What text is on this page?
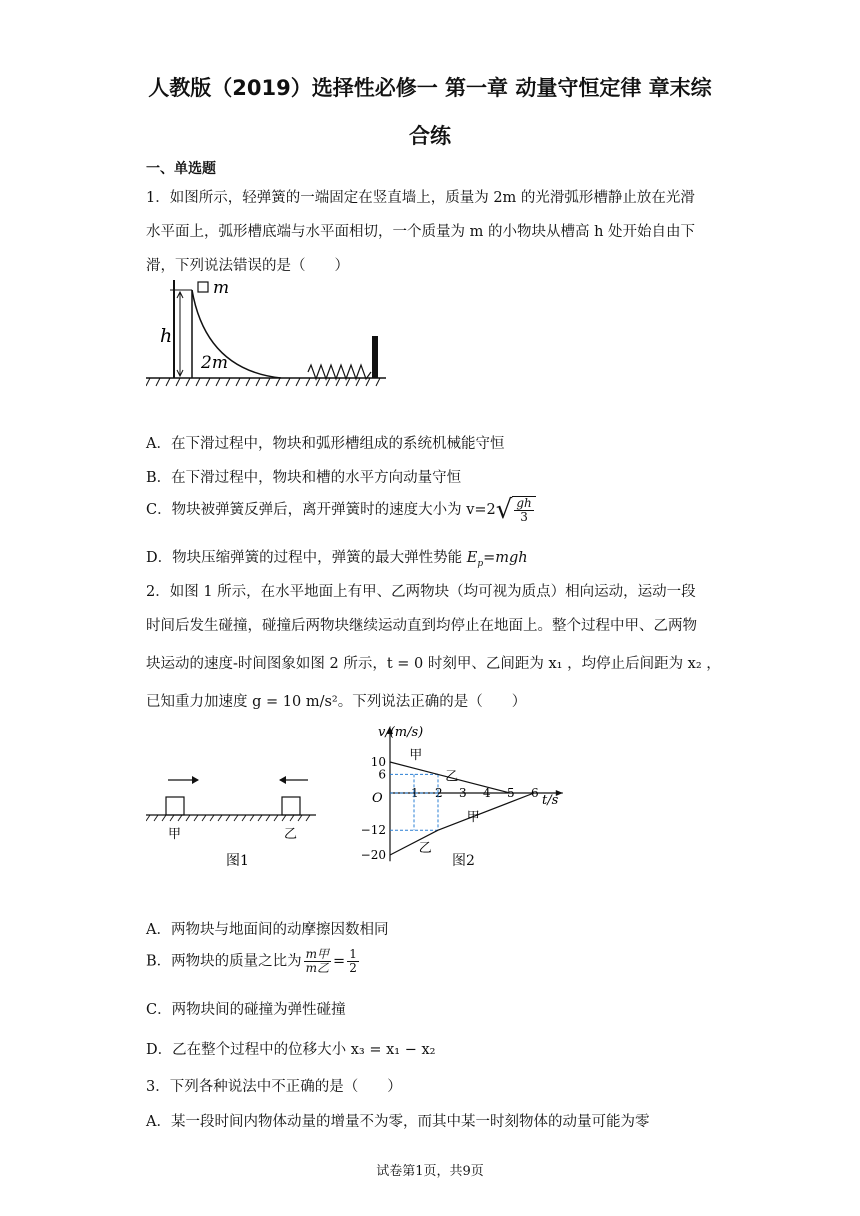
人教版（2019）选择性必修一 第一章 动量守恒定律 章末综
合练
一、单选题
1．如图所示，轻弹簧的一端固定在竖直墙上，质量为 2m 的光滑弧形槽静止放在光滑
水平面上，弧形槽底端与水平面相切，一个质量为 m 的小物块从槽高 h 处开始自由下
滑，下列说法错误的是（　　）
m
2m
h
A．在下滑过程中，物块和弧形槽组成的系统机械能守恒
B．在下滑过程中，物块和槽的水平方向动量守恒
C．物块被弹簧反弹后，离开弹簧时的速度大小为 v=2 √ $\frac{gh}{3}$
D．物块压缩弹簧的过程中，弹簧的最大弹性势能 $E_p=mgh$
2．如图 1 所示，在水平地面上有甲、乙两物块（均可视为质点）相向运动，运动一段
时间后发生碰撞，碰撞后两物块继续运动直到均停止在地面上。整个过程中甲、乙两物
块运动的速度-时间图象如图 2 所示，t = 0 时刻甲、乙间距为 x₁ ，均停止后间距为 x₂ ，
已知重力加速度 g = 10 m/s²。下列说法正确的是（　　）
甲	乙
图1
10
6
−12
−20
1 2 3 4 5 6
v/(m/s)
t/s
O
甲
乙
乙
甲
图2
A．两物块与地面间的动摩擦因数相同
B．两物块的质量之比为 $\frac{\text{m甲}}{\text{m乙}} = \frac{1}{2}$
C．两物块间的碰撞为弹性碰撞
D．乙在整个过程中的位移大小 x₃ = x₁ − x₂
3．下列各种说法中不正确的是（　　）
A．某一段时间内物体动量的增量不为零，而其中某一时刻物体的动量可能为零
试卷第1页，共9页
